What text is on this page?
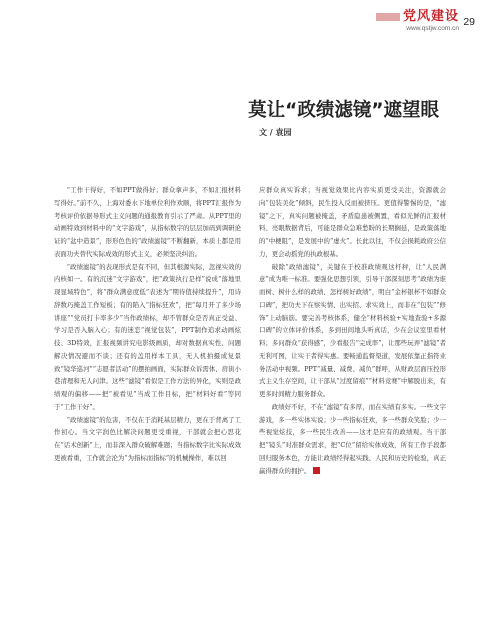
党风建设
www.qstjw.com.cn
29
莫让“政绩滤镜”遮望眼
文 / 袁园

“工作干得好，不如PPT做得好；群众拿声多，不如汇报材料写得好。”前不久，上海对委水下地单位利作欢顺，将PPT汇报作为考核评价依据导形式主义问题的通报教育引示了严肃。从PPT里的动画特效到材料中的“文字游戏”，从指标数字的层层加码到调研论证的“盆中造景”，形形色色的“政绩滤镜”不断翻新，本质上都是用表面功夫替代实际成效的形式主义，必须坚决纠治。

“政绩滤镜”的表现形式是有不同，但其根源实际，忽视实效的内核如一。有的沉迷“文字游戏”，把“政策执行是样”说成“落地里现显域特色”，将“群众满意度低”表述为“期待值持续提升”，用诗辞数巧掩盖工作短板；有的陷入“指标狂欢”，把“每月开了多少场讲座”“党员打卡率多少”当作政绩标，却不管群众是否真正受益、学习是否入脑入心；有的迷恋“视觉包装”，PPT制作追求动画炫技、3D特效，汇报视频讲究电影级画质，却对数据真实性、问题解决情况避而不谈；还有的盖用样本工具，无人机拍摄成复景致“镜华巡河”“志愿者活动”的摆拍画面，实际群众诉需体、肩街小巷清理和无人问津。这些“滤镜”看似是工作方法的异化，实则是政绩观的偏移——把“被看见”当成工作目标，把“材料好看”等同于“工作干好”。

“政绩滤镜”的危害，不仅在于消耗基层精力，更在于背离了工作初心。当文字润色比解决问题更受重视，干部就会把心思花在“话术创新”上，而非深入群众破解难题；当指标数字比实际成效更被看重，工作就会沦为“为指标而指标”的机械操作，难以回

应群众真实诉求；当视觉效果比内容实质更受关注，资源就会向“包装美化”倾斜，民生投入反而被挤压。更值得警惕的是，“滤镜”之下，真实问题被掩盖，矛盾隐患被侧置，看似光鲜的汇报材料、亮眼数据背后，可能是群众急难愁盼的长期搁延，是政策落地的“中梗阻”，是发展中的“虚火”。长此以往，不仅会损耗政府公信力，更会动摇党的执政根基。

破除“政绩滤镜”，关键在于校准政绩观这杆秤，让“人民满意”成为唯一标准。要强化思想引领，引导干部深刻思考“政绩为谁而树、树什么样的政绩、怎样树好政绩”，明白“金杯银杯不如群众口碑”，把功夫下在察实情、出实招、求实效上，而非在“包装”“修饰”上动脑筋。要完善考核体系，健全“材料核验+实地查验+多源口碑”的立体评价体系，多到田间地头听真话，少在会议室里看材料；多问群众“获得感”，少看报告“完成率”，让那些玩弄“滤镜”者无利可图，让实干者得实惠。要畅通监督渠道，发展依靠正指符业务活动中视频。PPT“减量、减费、减负”群呼，从财政层面压控形式主义生存空间，让干部从“过度留痕”“材料竞赛”中解脱出来，有更多时间精力服务群众。

政绩好不好，不在“滤镜”有多厚，而在实绩有多实。一些文字游戏，多一些实体实说；少一些指标狂欢，多一些群众笑脸；少一些视觉炫技，多一些民生改善——这才是应有的政绩观。当干部把“镜头”对准群众需求，把“C位”留给实体成效，所有工作手段都回归服务本色，方能让政绩经得起实践、人民和历史的检验，真正赢得群众的拥护。
